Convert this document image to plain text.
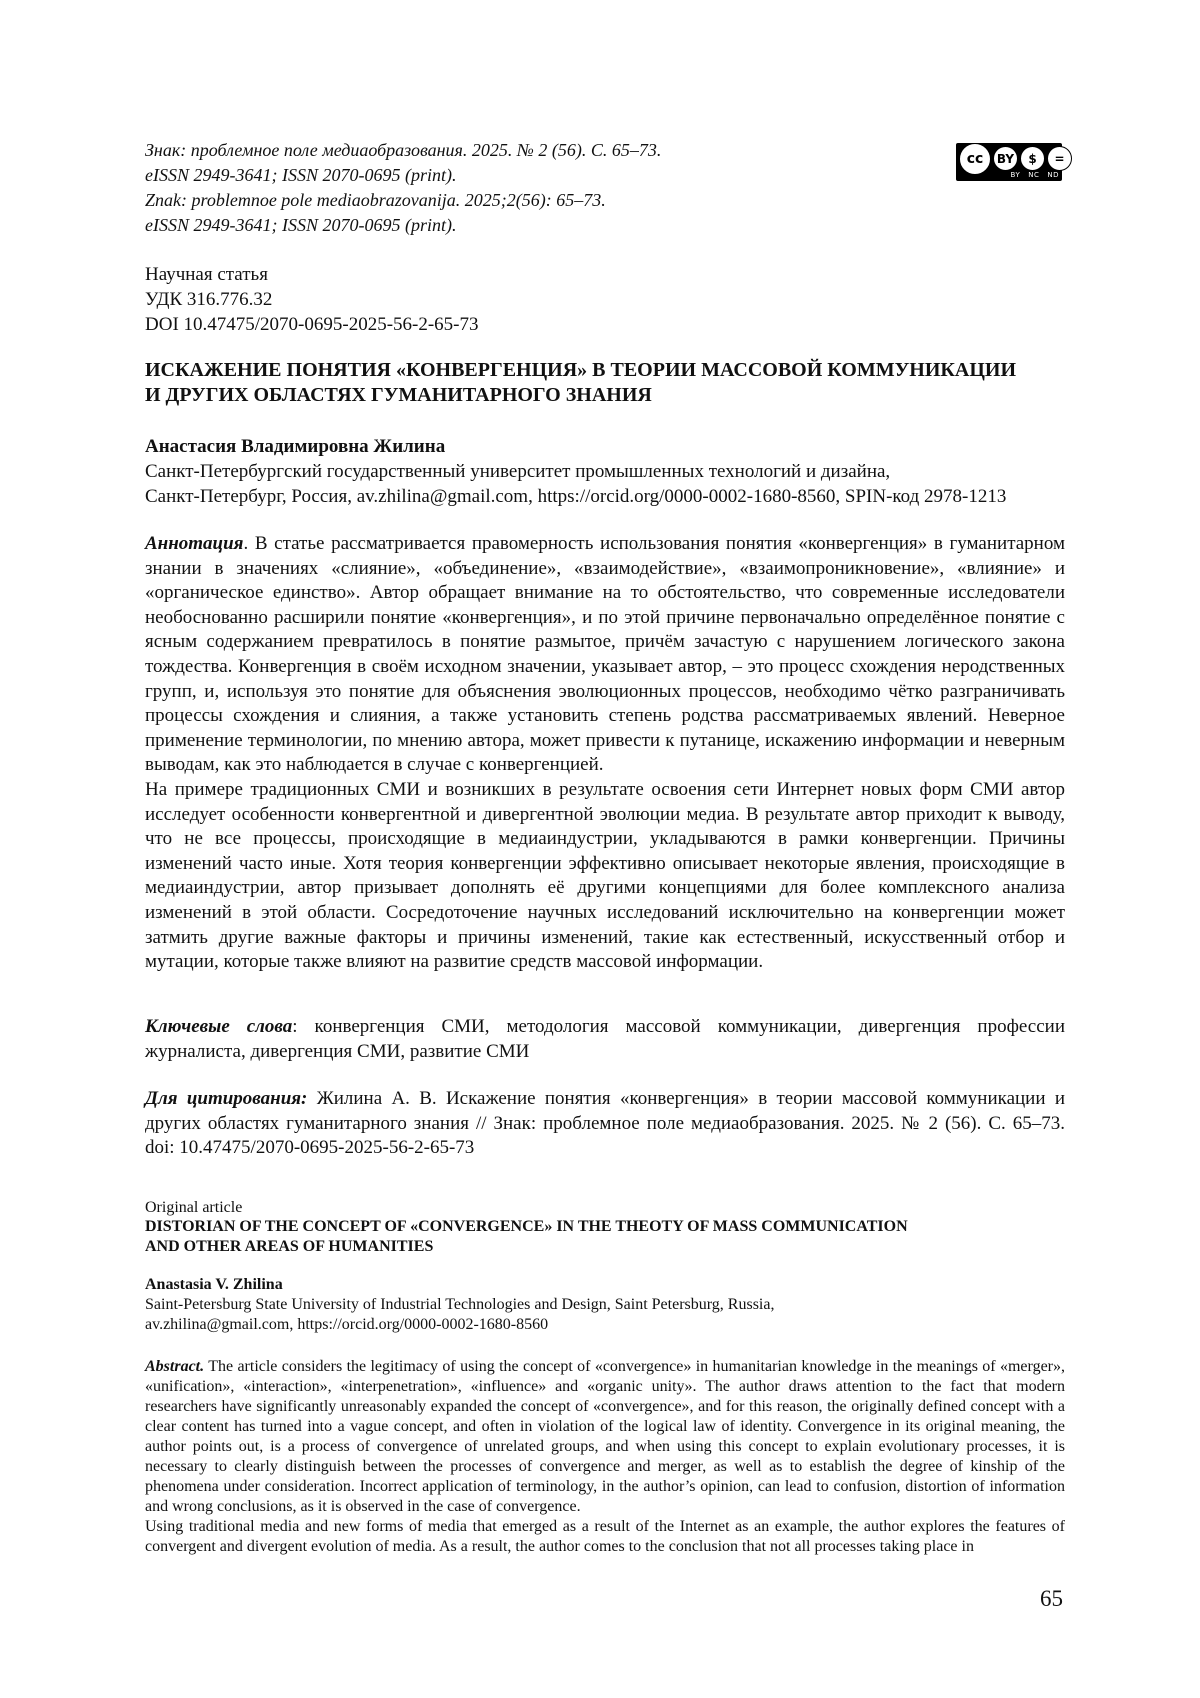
Знак: проблемное поле медиаобразования. 2025. № 2 (56). С. 65–73.
eISSN 2949-3641; ISSN 2070-0695 (print).
Znak: problemnoe pole mediaobrazovanija. 2025;2(56): 65–73.
eISSN 2949-3641; ISSN 2070-0695 (print).
cc	BY	$	=
BY NC ND
Научная статья
УДК 316.776.32
DOI 10.47475/2070-0695-2025-56-2-65-73
ИСКАЖЕНИЕ ПОНЯТИЯ «КОНВЕРГЕНЦИЯ» В ТЕОРИИ МАССОВОЙ КОММУНИКАЦИИ
И ДРУГИХ ОБЛАСТЯХ ГУМАНИТАРНОГО ЗНАНИЯ
Анастасия Владимировна Жилина
Санкт-Петербургский государственный университет промышленных технологий и дизайна,
Санкт-Петербург, Россия, av.zhilina@gmail.com, https://orcid.org/0000-0002-1680-8560, SPIN-код 2978-1213

Аннотация. В статье рассматривается правомерность использования понятия «конвергенция» в гуманитарном знании в значениях «слияние», «объединение», «взаимодействие», «взаимопроникновение», «влияние» и «органическое единство». Автор обращает внимание на то обстоятельство, что современные исследователи необоснованно расширили понятие «конвергенция», и по этой причине первоначально определённое понятие с ясным содержанием превратилось в понятие размытое, причём зачастую с нарушением логического закона тождества. Конвергенция в своём исходном значении, указывает автор, – это процесс схождения неродственных групп, и, используя это понятие для объяснения эволюционных процессов, необходимо чётко разграничивать процессы схождения и слияния, а также установить степень родства рассматриваемых явлений. Неверное применение терминологии, по мнению автора, может привести к путанице, искажению информации и неверным выводам, как это наблюдается в случае с конвергенцией.

На примере традиционных СМИ и возникших в результате освоения сети Интернет новых форм СМИ автор исследует особенности конвергентной и дивергентной эволюции медиа. В результате автор приходит к выводу, что не все процессы, происходящие в медиаиндустрии, укладываются в рамки конвергенции. Причины изменений часто иные. Хотя теория конвергенции эффективно описывает некоторые явления, происходящие в медиаиндустрии, автор призывает дополнять её другими концепциями для более комплексного анализа изменений в этой области. Сосредоточение научных исследований исключительно на конвергенции может затмить другие важные факторы и причины изменений, такие как естественный, искусственный отбор и мутации, которые также влияют на развитие средств массовой информации.

Ключевые слова: конвергенция СМИ, методология массовой коммуникации, дивергенция профессии журналиста, дивергенция СМИ, развитие СМИ

Для цитирования: Жилина А. В. Искажение понятия «конвергенция» в теории массовой коммуникации и других областях гуманитарного знания // Знак: проблемное поле медиаобразования. 2025. № 2 (56). С. 65–73. doi: 10.47475/2070-0695-2025-56-2-65-73

Original article
DISTORIAN OF THE CONCEPT OF «CONVERGENCE» IN THE THEOTY OF MASS COMMUNICATION
AND OTHER AREAS OF HUMANITIES
Anastasia V. Zhilina
Saint-Petersburg State University of Industrial Technologies and Design, Saint Petersburg, Russia,
av.zhilina@gmail.com, https://orcid.org/0000-0002-1680-8560

Abstract. The article considers the legitimacy of using the concept of «convergence» in humanitarian knowledge in the meanings of «merger», «unification», «interaction», «interpenetration», «influence» and «organic unity». The author draws attention to the fact that modern researchers have significantly unreasonably expanded the concept of «convergence», and for this reason, the originally defined concept with a clear content has turned into a vague concept, and often in violation of the logical law of identity. Convergence in its original meaning, the author points out, is a process of convergence of unrelated groups, and when using this concept to explain evolutionary processes, it is necessary to clearly distinguish between the processes of convergence and merger, as well as to establish the degree of kinship of the phenomena under consideration. Incorrect application of terminology, in the author’s opinion, can lead to confusion, distortion of information and wrong conclusions, as it is observed in the case of convergence.

Using traditional media and new forms of media that emerged as a result of the Internet as an example, the author explores the features of convergent and divergent evolution of media. As a result, the author comes to the conclusion that not all processes taking place in

65
